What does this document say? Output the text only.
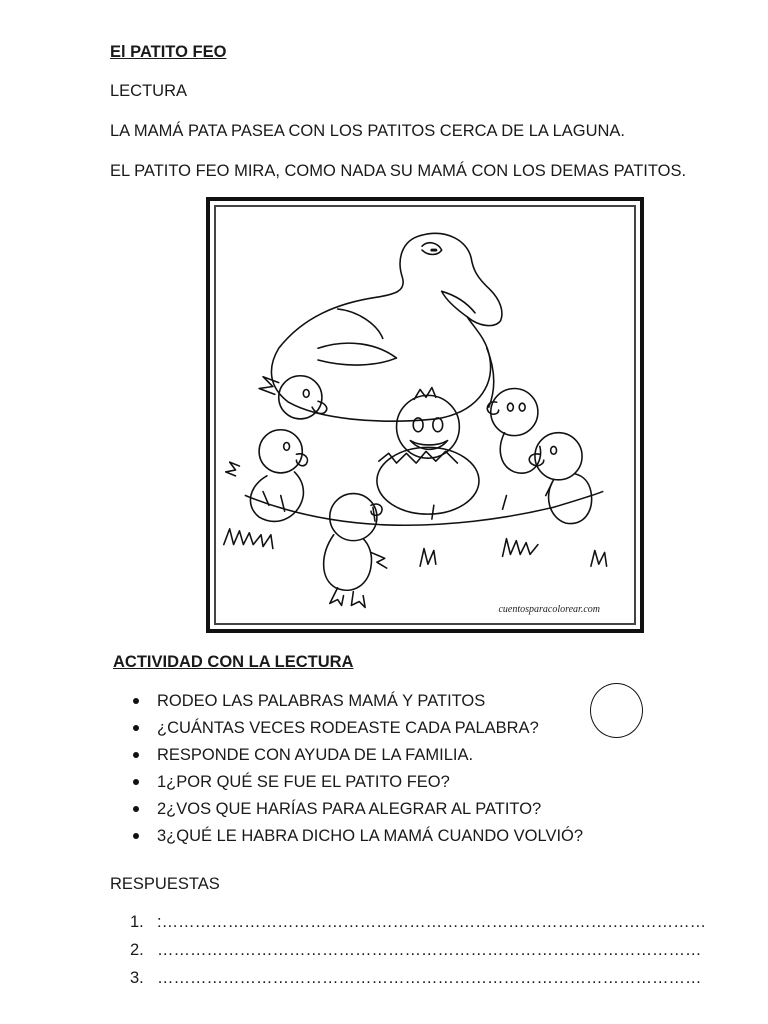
El PATITO FEO
LECTURA
LA MAMÁ PATA PASEA CON LOS PATITOS CERCA DE LA LAGUNA.
EL PATITO FEO MIRA, COMO NADA SU MAMÁ CON LOS DEMAS PATITOS.
cuentosparacolorear.com
ACTIVIDAD CON LA LECTURA
RODEO LAS PALABRAS MAMÁ Y PATITOS
¿CUÁNTAS VECES RODEASTE CADA PALABRA?
RESPONDE CON AYUDA DE LA FAMILIA.
1¿POR QUÉ SE FUE EL PATITO FEO?
2¿VOS QUE HARÍAS PARA ALEGRAR AL PATITO?
3¿QUÉ LE HABRA DICHO LA MAMÁ CUANDO VOLVIÓ?
RESPUESTAS
1. :………………………………………………………………………………………
2. ………………………………………………………………………………………
3. ………………………………………………………………………………………
